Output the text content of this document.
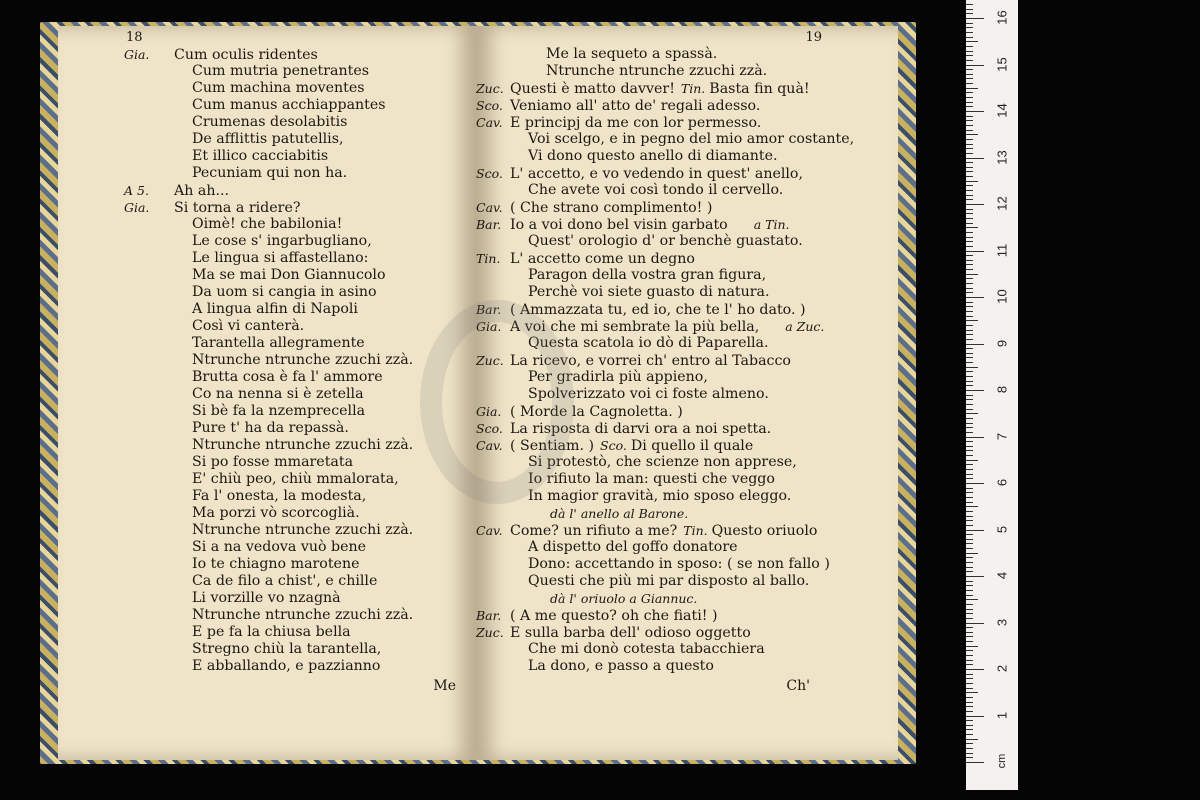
18
Gia. Cum oculis ridentes
Cum mutria penetrantes
Cum machina moventes
Cum manus acchiappantes
Crumenas desolabitis
De afflittis patutellis,
Et illico cacciabitis
Pecuniam qui non ha.
A 5. Ah ah...
Gia. Si torna a ridere?
Oimè! che babilonia!
Le cose s' ingarbugliano,
Le lingua si affastellano:
Ma se mai Don Giannucolo
Da uom si cangia in asino
A lingua alfin di Napoli
Così vi canterà.
Tarantella allegramente
Ntrunche ntrunche zzuchi zzà.
Brutta cosa è fa l' ammore
Co na nenna si è zetella
Si bè fa la nzemprecella
Pure t' ha da repassà.
Ntrunche ntrunche zzuchi zzà.
Si po fosse mmaretata
E' chiù peo, chiù mmalorata,
Fa l' onesta, la modesta,
Ma porzi vò scorcoglià.
Ntrunche ntrunche zzuchi zzà.
Si a na vedova vuò bene
Io te chiagno marotene
Ca de filo a chist', e chille
Li vorzille vo nzagnà
Ntrunche ntrunche zzuchi zzà.
E pe fa la chiusa bella
Stregno chiù la tarantella,
E abballando, e pazzianno
Me
19
Me la sequeto a spassà.
Ntrunche ntrunche zzuchi zzà.
Zuc. Questi è matto davver! Tin. Basta fin quà!
Sco. Veniamo all' atto de' regali adesso.
Cav. E principj da me con lor permesso.
Voi scelgo, e in pegno del mio amor costante,
Vi dono questo anello di diamante.
Sco. L' accetto, e vo vedendo in quest' anello,
Che avete voi così tondo il cervello.
Cav. ( Che strano complimento! )
Bar. Io a voi dono bel visin garbato a Tin.
Quest' orologio d' or benchè guastato.
Tin. L' accetto come un degno
Paragon della vostra gran figura,
Perchè voi siete guasto di natura.
Bar. ( Ammazzata tu, ed io, che te l' ho dato. )
Gia. A voi che mi sembrate la più bella, a Zuc.
Questa scatola io dò di Paparella.
Zuc. La ricevo, e vorrei ch' entro al Tabacco
Per gradirla più appieno,
Spolverizzato voi ci foste almeno.
Gia. ( Morde la Cagnoletta. )
Sco. La risposta di darvi ora a noi spetta.
Cav. ( Sentiam. ) Sco. Di quello il quale
Si protestò, che scienze non apprese,
Io rifiuto la man: questi che veggo
In magior gravità, mio sposo eleggo.
dà l' anello al Barone.
Cav. Come? un rifiuto a me? Tin. Questo oriuolo
A dispetto del goffo donatore
Dono: accettando in sposo: ( se non fallo )
Questi che più mi par disposto al ballo.
dà l' oriuolo a Giannuc.
Bar. ( A me questo? oh che fiati! )
Zuc. E sulla barba dell' odioso oggetto
Che mi donò cotesta tabacchiera
La dono, e passo a questo
Ch'
cm
1
2
3
4
5
6
7
8
9
10
11
12
13
14
15
16
